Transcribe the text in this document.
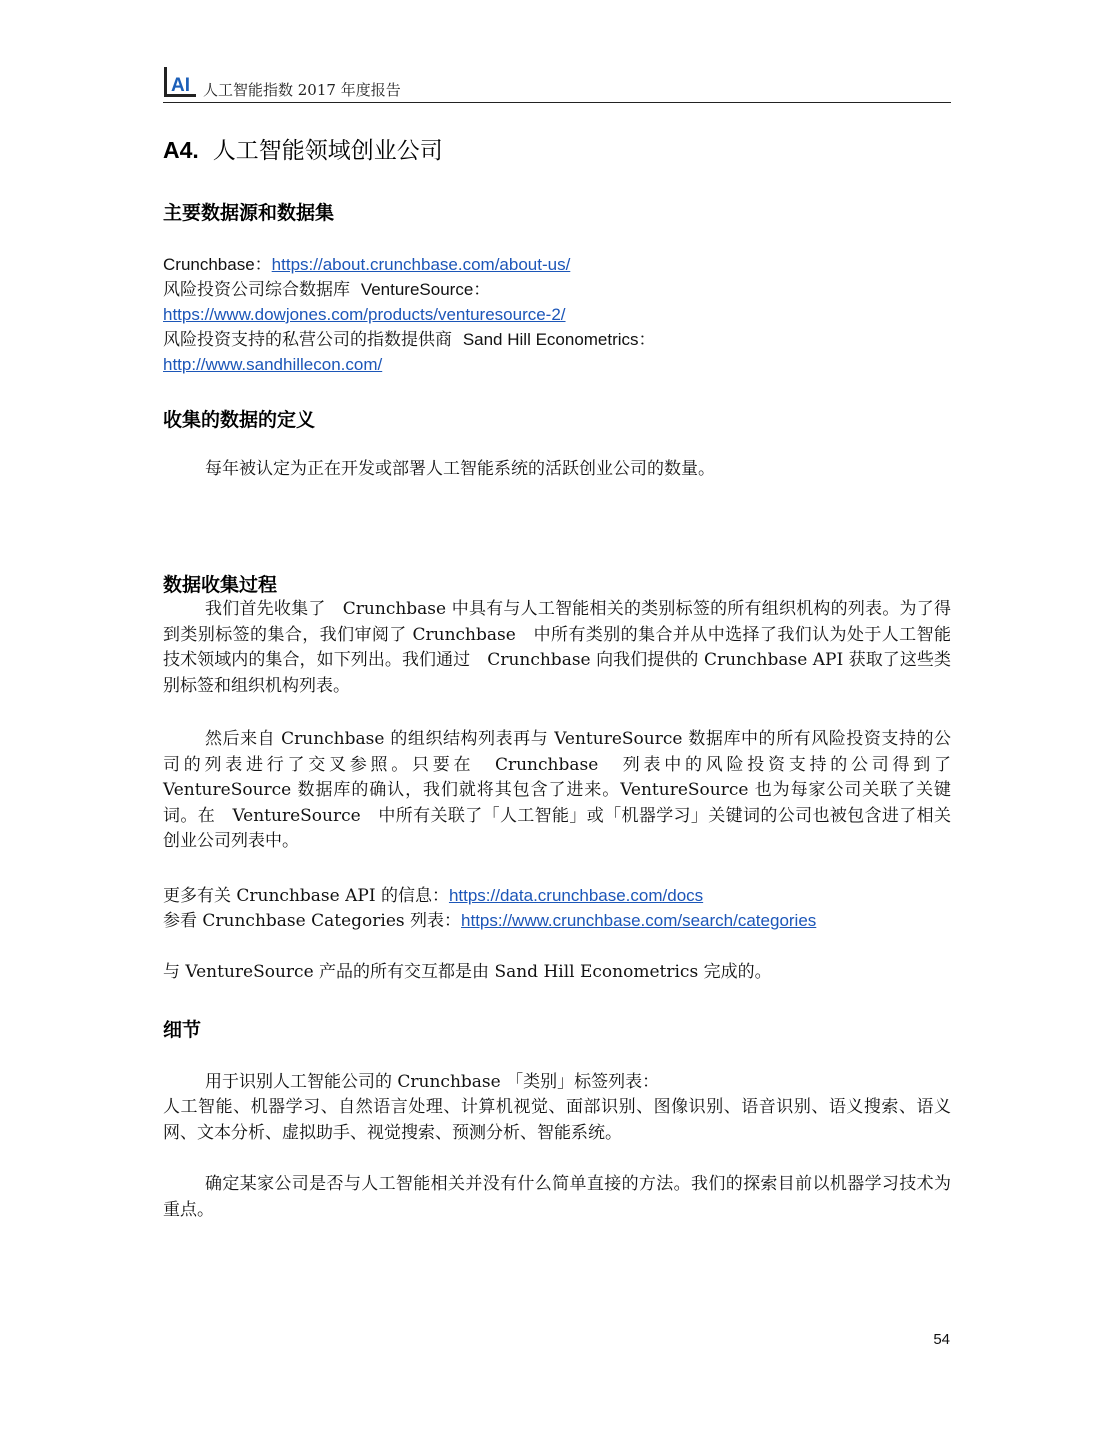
AI 人工智能指数 2017 年度报告
A4. 人工智能领域创业公司
主要数据源和数据集
Crunchbase：https://about.crunchbase.com/about-us/
风险投资公司综合数据库 VentureSource：
https://www.dowjones.com/products/venturesource-2/
风险投资支持的私营公司的指数提供商 Sand Hill Econometrics：
http://www.sandhillecon.com/
收集的数据的定义
每年被认定为正在开发或部署人工智能系统的活跃创业公司的数量。
数据收集过程
我们首先收集了　Crunchbase 中具有与人工智能相关的类别标签的所有组织机构的列表。为了得到类别标签的集合，我们审阅了 Crunchbase　中所有类别的集合并从中选择了我们认为处于人工智能技术领域内的集合，如下列出。我们通过　Crunchbase 向我们提供的 Crunchbase API 获取了这些类别标签和组织机构列表。
然后来自 Crunchbase 的组织结构列表再与 VentureSource 数据库中的所有风险投资支持的公司的列表进行了交叉参照。只要在　Crunchbase　列表中的风险投资支持的公司得到了 VentureSource 数据库的确认，我们就将其包含了进来。VentureSource 也为每家公司关联了关键词。在　VentureSource　中所有关联了「人工智能」或「机器学习」关键词的公司也被包含进了相关创业公司列表中。
更多有关 Crunchbase API 的信息：https://data.crunchbase.com/docs
参看 Crunchbase Categories 列表：https://www.crunchbase.com/search/categories
与 VentureSource 产品的所有交互都是由 Sand Hill Econometrics 完成的。
细节
用于识别人工智能公司的 Crunchbase 「类别」标签列表：
人工智能、机器学习、自然语言处理、计算机视觉、面部识别、图像识别、语音识别、语义搜索、语义网、文本分析、虚拟助手、视觉搜索、预测分析、智能系统。
确定某家公司是否与人工智能相关并没有什么简单直接的方法。我们的探索目前以机器学习技术为重点。
54
